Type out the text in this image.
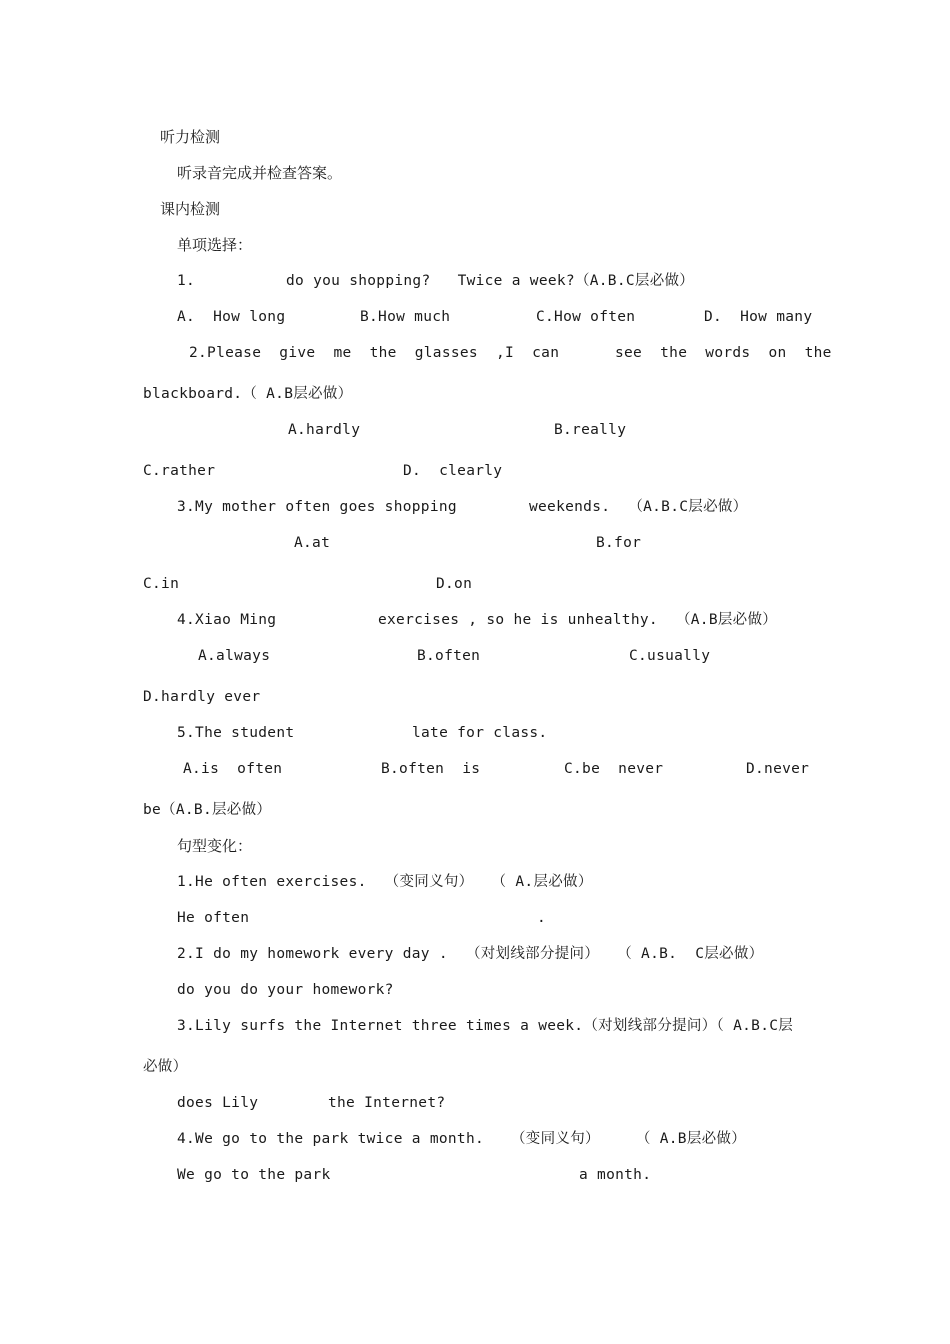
听力检测
听录音完成并检查答案。
课内检测
单项选择：
1.	do you shopping?   Twice a week?（A.B.C层必做）
A.  How long	B.How much	C.How often	D.  How many
2.Please  give  me  the  glasses  ,I  can	see  the  words  on  the
blackboard.（ A.B层必做）
A.hardly	B.really
C.rather	D.  clearly
3.My mother often goes shopping	weekends.  （A.B.C层必做）
A.at	B.for
C.in	D.on
4.Xiao Ming	exercises , so he is unhealthy.  （A.B层必做）
A.always	B.often	C.usually
D.hardly ever
5.The student	late for class.
A.is  often	B.often  is	C.be  never	D.never
be（A.B.层必做）
句型变化：
1.He often exercises.  （变同义句）  （ A.层必做）
He often	.
2.I do my homework every day .  （对划线部分提问）  （ A.B.  C层必做）
do you do your homework?
3.Lily surfs the Internet three times a week.（对划线部分提问）（ A.B.C层
必做）
does Lily	the Internet?
4.We go to the park twice a month. （变同义句）    （ A.B层必做）
We go to the park	a month.
